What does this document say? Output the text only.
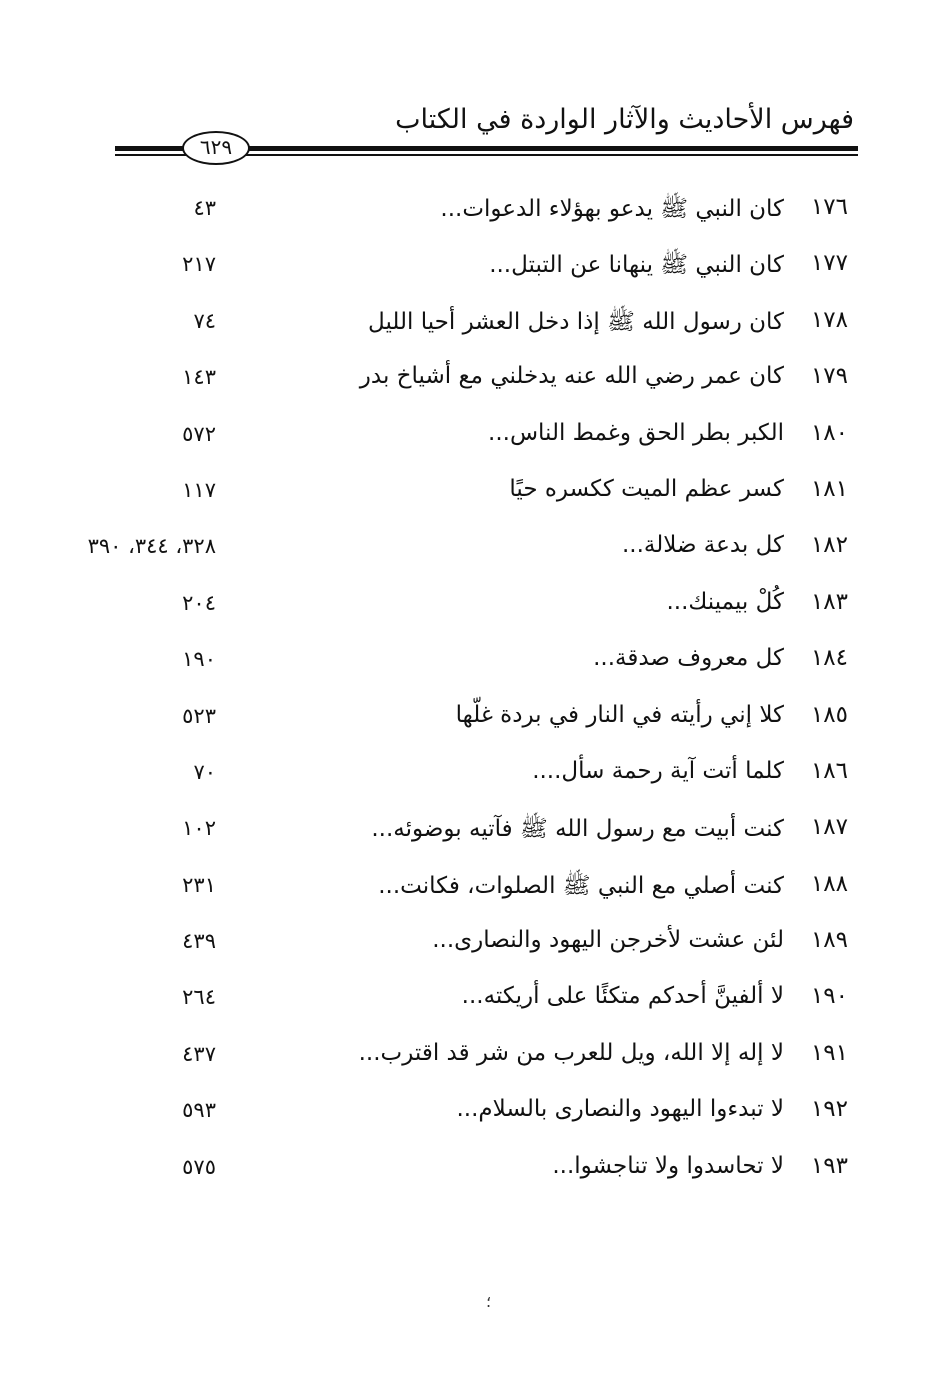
فهرس الأحاديث والآثار الواردة في الكتاب
٦٢٩
١٧٦
كان النبي ﷺ يدعو بهؤلاء الدعوات...
٤٣
١٧٧
كان النبي ﷺ ينهانا عن التبتل...
٢١٧
١٧٨
كان رسول الله ﷺ إذا دخل العشر أحيا الليل
٧٤
١٧٩
كان عمر رضي الله عنه يدخلني مع أشياخ بدر
١٤٣
١٨٠
الكبر بطر الحق وغمط الناس...
٥٧٢
١٨١
كسر عظم الميت ككسره حيًا
١١٧
١٨٢
كل بدعة ضلالة...
٣٢٨، ٣٤٤، ٣٩٠
١٨٣
كُلْ بيمينك...
٢٠٤
١٨٤
كل معروف صدقة...
١٩٠
١٨٥
كلا إني رأيته في النار في بردة غلّها
٥٢٣
١٨٦
كلما أتت آية رحمة سأل....
٧٠
١٨٧
كنت أبيت مع رسول الله ﷺ فآتيه بوضوئه...
١٠٢
١٨٨
كنت أصلي مع النبي ﷺ الصلوات، فكانت...
٢٣١
١٨٩
لئن عشت لأخرجن اليهود والنصارى...
٤٣٩
١٩٠
لا ألفينَّ أحدكم متكئًا على أريكته...
٢٦٤
١٩١
لا إله إلا الله، ويل للعرب من شر قد اقترب...
٤٣٧
١٩٢
لا تبدءوا اليهود والنصارى بالسلام...
٥٩٣
١٩٣
لا تحاسدوا ولا تناجشوا...
٥٧٥
؛
